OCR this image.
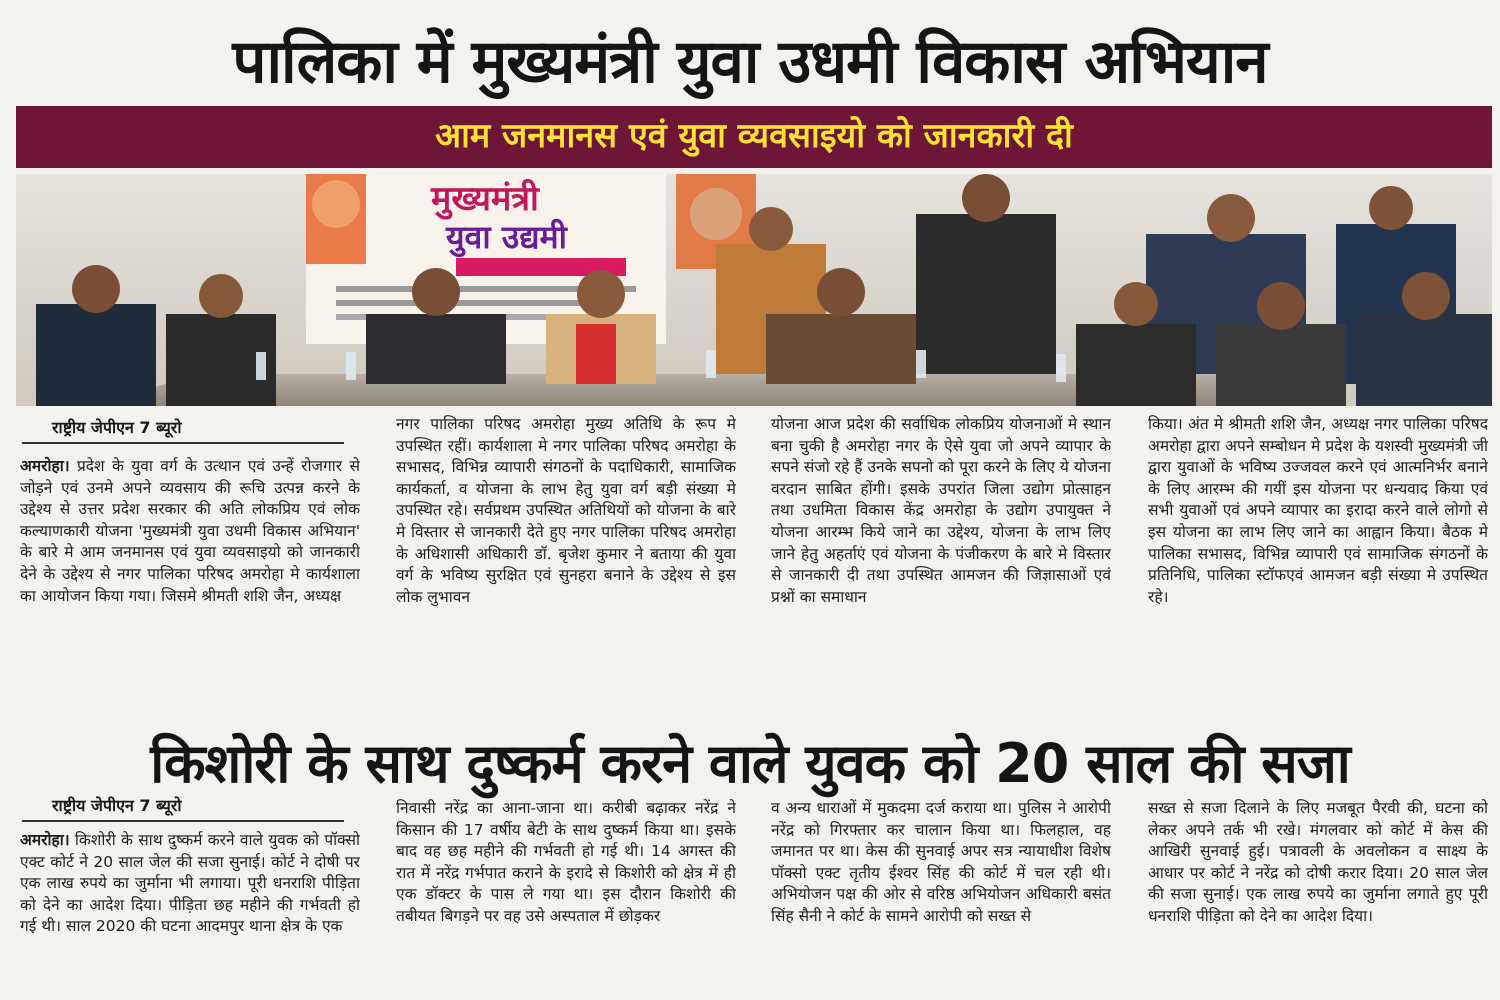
पालिका में मुख्यमंत्री युवा उधमी विकास अभियान
आम जनमानस एवं युवा व्यवसाइयो को जानकारी दी
मुख्यमंत्री
युवा उद्यमी
राष्ट्रीय जेपीएन 7 ब्यूरो
अमरोहा। प्रदेश के युवा वर्ग के उत्थान एवं उन्हें रोजगार से जोड़ने एवं उनमे अपने व्यवसाय की रूचि उत्पन्न करने के उद्देश्य से उत्तर प्रदेश सरकार की अति लोकप्रिय एवं लोक कल्याणकारी योजना 'मुख्यमंत्री युवा उधमी विकास अभियान' के बारे मे आम जनमानस एवं युवा व्यवसाइयो को जानकारी देने के उद्देश्य से नगर पालिका परिषद अमरोहा मे कार्यशाला का आयोजन किया गया। जिसमे श्रीमती शशि जैन, अध्यक्ष
नगर पालिका परिषद अमरोहा मुख्य अतिथि के रूप मे उपस्थित रहीं। कार्यशाला मे नगर पालिका परिषद अमरोहा के सभासद, विभिन्न व्यापारी संगठनों के पदाधिकारी, सामाजिक कार्यकर्ता, व योजना के लाभ हेतु युवा वर्ग बड़ी संख्या मे उपस्थित रहे। सर्वप्रथम उपस्थित अतिथियों को योजना के बारे मे विस्तार से जानकारी देते हुए नगर पालिका परिषद अमरोहा के अधिशासी अधिकारी डॉ. बृजेश कुमार ने बताया की युवा वर्ग के भविष्य सुरक्षित एवं सुनहरा बनाने के उद्देश्य से इस लोक लुभावन
योजना आज प्रदेश की सर्वाधिक लोकप्रिय योजनाओं मे स्थान बना चुकी है अमरोहा नगर के ऐसे युवा जो अपने व्यापार के सपने संजो रहे हैं उनके सपनो को पूरा करने के लिए ये योजना वरदान साबित होंगी। इसके उपरांत जिला उद्योग प्रोत्साहन तथा उधमिता विकास केंद्र अमरोहा के उद्योग उपायुक्त ने योजना आरम्भ किये जाने का उद्देश्य, योजना के लाभ लिए जाने हेतु अहर्ताएं एवं योजना के पंजीकरण के बारे मे विस्तार से जानकारी दी तथा उपस्थित आमजन की जिज्ञासाओं एवं प्रश्नों का समाधान
किया। अंत मे श्रीमती शशि जैन, अध्यक्ष नगर पालिका परिषद अमरोहा द्वारा अपने सम्बोधन मे प्रदेश के यशस्वी मुख्यमंत्री जी द्वारा युवाओं के भविष्य उज्जवल करने एवं आत्मनिर्भर बनाने के लिए आरम्भ की गयीं इस योजना पर धन्यवाद किया एवं सभी युवाओं एवं अपने व्यापार का इरादा करने वाले लोगो से इस योजना का लाभ लिए जाने का आह्वान किया। बैठक मे पालिका सभासद, विभिन्न व्यापारी एवं सामाजिक संगठनों के प्रतिनिधि, पालिका स्टॉफएवं आमजन बड़ी संख्या मे उपस्थित रहे।
किशोरी के साथ दुष्कर्म करने वाले युवक को 20 साल की सजा
राष्ट्रीय जेपीएन 7 ब्यूरो
अमरोहा। किशोरी के साथ दुष्कर्म करने वाले युवक को पॉक्सो एक्ट कोर्ट ने 20 साल जेल की सजा सुनाई। कोर्ट ने दोषी पर एक लाख रुपये का जुर्माना भी लगाया। पूरी धनराशि पीड़िता को देने का आदेश दिया। पीड़िता छह महीने की गर्भवती हो गई थी। साल 2020 की घटना आदमपुर थाना क्षेत्र के एक
निवासी नरेंद्र का आना-जाना था। करीबी बढ़ाकर नरेंद्र ने किसान की 17 वर्षीय बेटी के साथ दुष्कर्म किया था। इसके बाद वह छह महीने की गर्भवती हो गई थी। 14 अगस्त की रात में नरेंद्र गर्भपात कराने के इरादे से किशोरी को क्षेत्र में ही एक डॉक्टर के पास ले गया था। इस दौरान किशोरी की तबीयत बिगड़ने पर वह उसे अस्पताल में छोड़कर
व अन्य धाराओं में मुकदमा दर्ज कराया था। पुलिस ने आरोपी नरेंद्र को गिरफ्तार कर चालान किया था। फिलहाल, वह जमानत पर था। केस की सुनवाई अपर सत्र न्यायाधीश विशेष पॉक्सो एक्ट तृतीय ईश्वर सिंह की कोर्ट में चल रही थी। अभियोजन पक्ष की ओर से वरिष्ठ अभियोजन अधिकारी बसंत सिंह सैनी ने कोर्ट के सामने आरोपी को सख्त से
सख्त से सजा दिलाने के लिए मजबूत पैरवी की, घटना को लेकर अपने तर्क भी रखे। मंगलवार को कोर्ट में केस की आखिरी सुनवाई हुई। पत्रावली के अवलोकन व साक्ष्य के आधार पर कोर्ट ने नरेंद्र को दोषी करार दिया। 20 साल जेल की सजा सुनाई। एक लाख रुपये का जुर्माना लगाते हुए पूरी धनराशि पीड़िता को देने का आदेश दिया।
